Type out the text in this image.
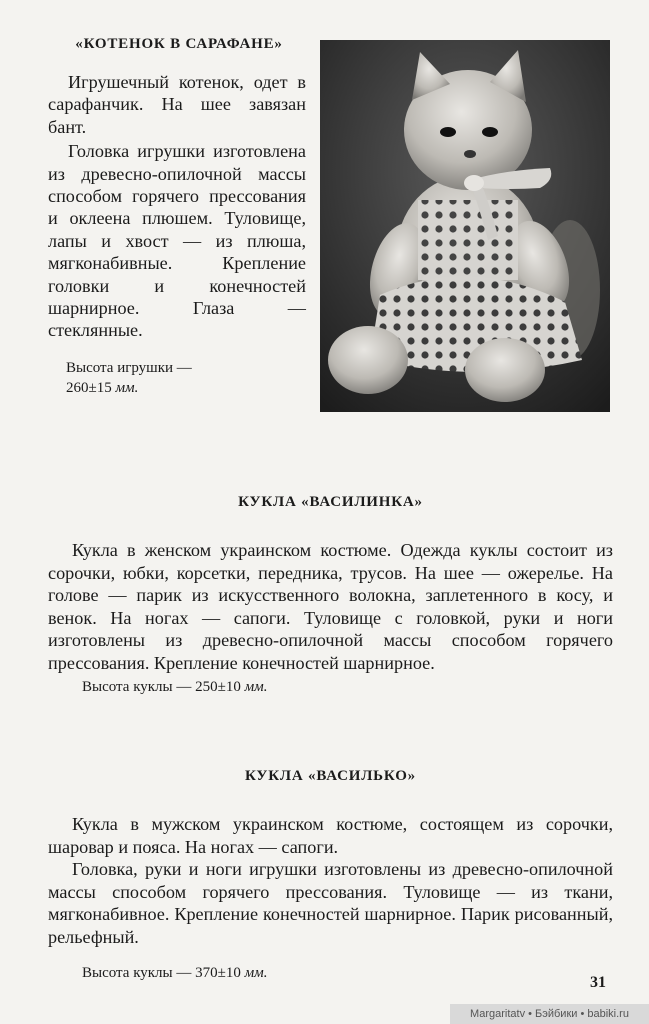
«КОТЕНОК В САРАФАНЕ»

Игрушечный котенок, одет в сарафанчик. На шее завязан бант.

Головка игрушки изготовлена из древесно-опилочной массы способом горячего прессования и оклеена плюшем. Туловище, лапы и хвост — из плюша, мягконабивные. Крепление головки и конечностей шарнирное. Глаза — стеклянные.

Высота игрушки —
260±15 мм.
КУКЛА «ВАСИЛИНКА»

Кукла в женском украинском костюме. Одежда куклы состоит из сорочки, юбки, корсетки, передника, трусов. На шее — ожерелье. На голове — парик из искусственного волокна, заплетенного в косу, и венок. На ногах — сапоги. Туловище с головкой, руки и ноги изготовлены из древесно-опилочной массы способом горячего прессования. Крепление конечностей шарнирное.

Высота куклы — 250±10 мм.
КУКЛА «ВАСИЛЬКО»

Кукла в мужском украинском костюме, состоящем из сорочки, шаровар и пояса. На ногах — сапоги.

Головка, руки и ноги игрушки изготовлены из древесно-опилочной массы способом горячего прессования. Туловище — из ткани, мягконабивное. Крепление конечностей шарнирное. Парик рисованный, рельефный.

Высота куклы — 370±10 мм.
31
Margaritatv • Бэйбики • babiki.ru
